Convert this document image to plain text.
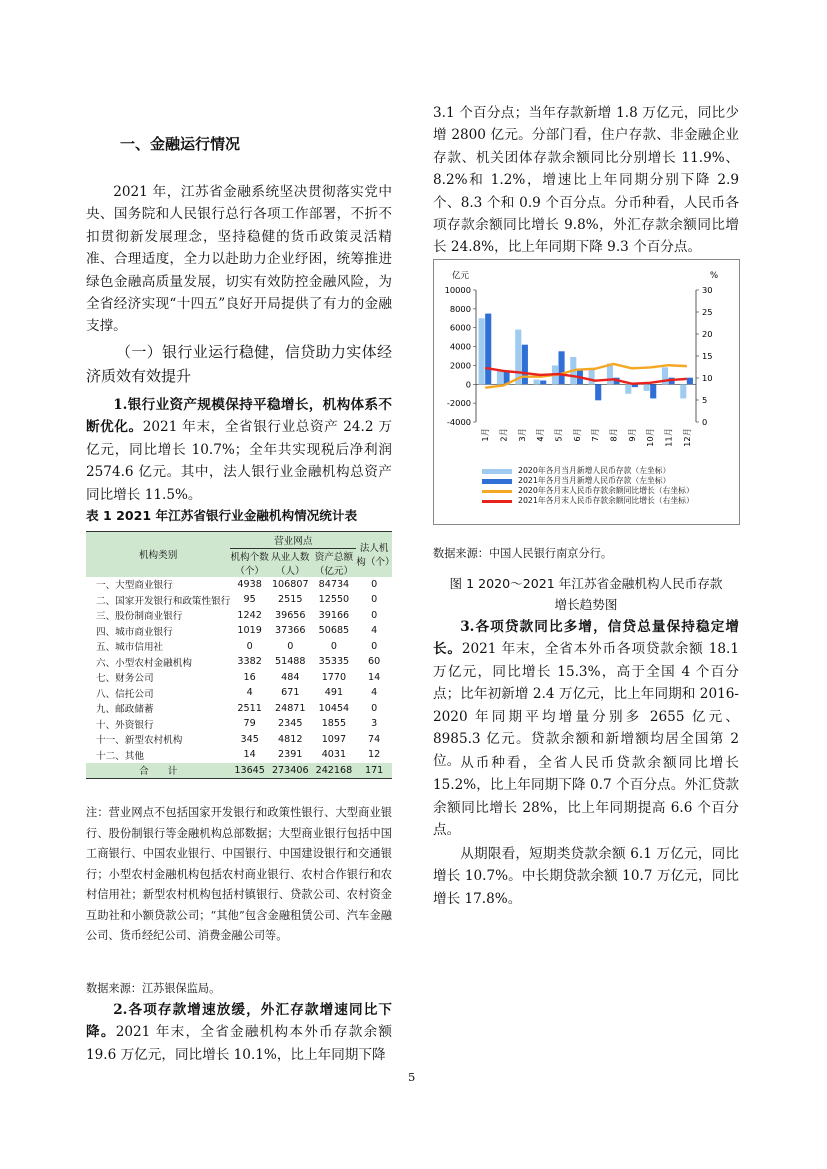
一、金融运行情况
2021 年，江苏省金融系统坚决贯彻落实党中央、国务院和人民银行总行各项工作部署，不折不扣贯彻新发展理念，坚持稳健的货币政策灵活精准、合理适度，全力以赴助力企业纾困，统筹推进绿色金融高质量发展，切实有效防控金融风险，为全省经济实现“十四五”良好开局提供了有力的金融支撑。
（一）银行业运行稳健，信贷助力实体经济质效有效提升
1.银行业资产规模保持平稳增长，机构体系不断优化。2021 年末，全省银行业总资产 24.2 万亿元，同比增长 10.7%；全年共实现税后净利润 2574.6 亿元。其中，法人银行业金融机构总资产同比增长 11.5%。
表 1 2021 年江苏省银行业金融机构情况统计表
机构类别	营业网点			法人机构（个）
	机构个数（个）	从业人数（人）	资产总额（亿元）	
一、大型商业银行	4938	106807	84734	0
二、国家开发银行和政策性银行	95	2515	12550	0
三、股份制商业银行	1242	39656	39166	0
四、城市商业银行	1019	37366	50685	4
五、城市信用社	0	0	0	0
六、小型农村金融机构	3382	51488	35335	60
七、财务公司	16	484	1770	14
八、信托公司	4	671	491	4
九、邮政储蓄	2511	24871	10454	0
十、外资银行	79	2345	1855	3
十一、新型农村机构	345	4812	1097	74
十二、其他	14	2391	4031	12
合　　计	13645	273406	242168	171
注：营业网点不包括国家开发银行和政策性银行、大型商业银行、股份制银行等金融机构总部数据；大型商业银行包括中国工商银行、中国农业银行、中国银行、中国建设银行和交通银行；小型农村金融机构包括农村商业银行、农村合作银行和农村信用社；新型农村机构包括村镇银行、贷款公司、农村资金互助社和小额贷款公司；“其他”包含金融租赁公司、汽车金融公司、货币经纪公司、消费金融公司等。
数据来源：江苏银保监局。
2.各项存款增速放缓，外汇存款增速同比下降。2021 年末，全省金融机构本外币存款余额 19.6 万亿元，同比增长 10.1%，比上年同期下降
3.1 个百分点；当年存款新增 1.8 万亿元，同比少增 2800 亿元。分部门看，住户存款、非金融企业存款、机关团体存款余额同比分别增长 11.9%、8.2%和 1.2%，增速比上年同期分别下降 2.9 个、8.3 个和 0.9 个百分点。分币种看，人民币各项存款余额同比增长 9.8%，外汇存款余额同比增长 24.8%，比上年同期下降 9.3 个百分点。
亿元	%
10000
8000
6000
4000
2000
0
-2000
-4000
30
25
20
15
10
5
0
1月 2月 3月 4月 5月 6月 7月 8月 9月 10月 11月 12月
2020年各月当月新增人民币存款（左坐标）
2021年各月当月新增人民币存款（左坐标）
2020年各月末人民币存款余额同比增长（右坐标）
2021年各月末人民币存款余额同比增长（右坐标）
数据来源：中国人民银行南京分行。
图 1 2020～2021 年江苏省金融机构人民币存款
增长趋势图
3.各项贷款同比多增，信贷总量保持稳定增长。2021 年末，全省本外币各项贷款余额 18.1 万亿元，同比增长 15.3%，高于全国 4 个百分点；比年初新增 2.4 万亿元，比上年同期和 2016-2020 年同期平均增量分别多 2655 亿元、8985.3 亿元。贷款余额和新增额均居全国第 2 位。 从币种看，全省人民币贷款余额同比增长 15.2%，比上年同期下降 0.7 个百分点。外汇贷款余额同比增长 28%，比上年同期提高 6.6 个百分点。
从期限看，短期类贷款余额 6.1 万亿元，同比增长 10.7%。中长期贷款余额 10.7 万亿元，同比增长 17.8%。
5
